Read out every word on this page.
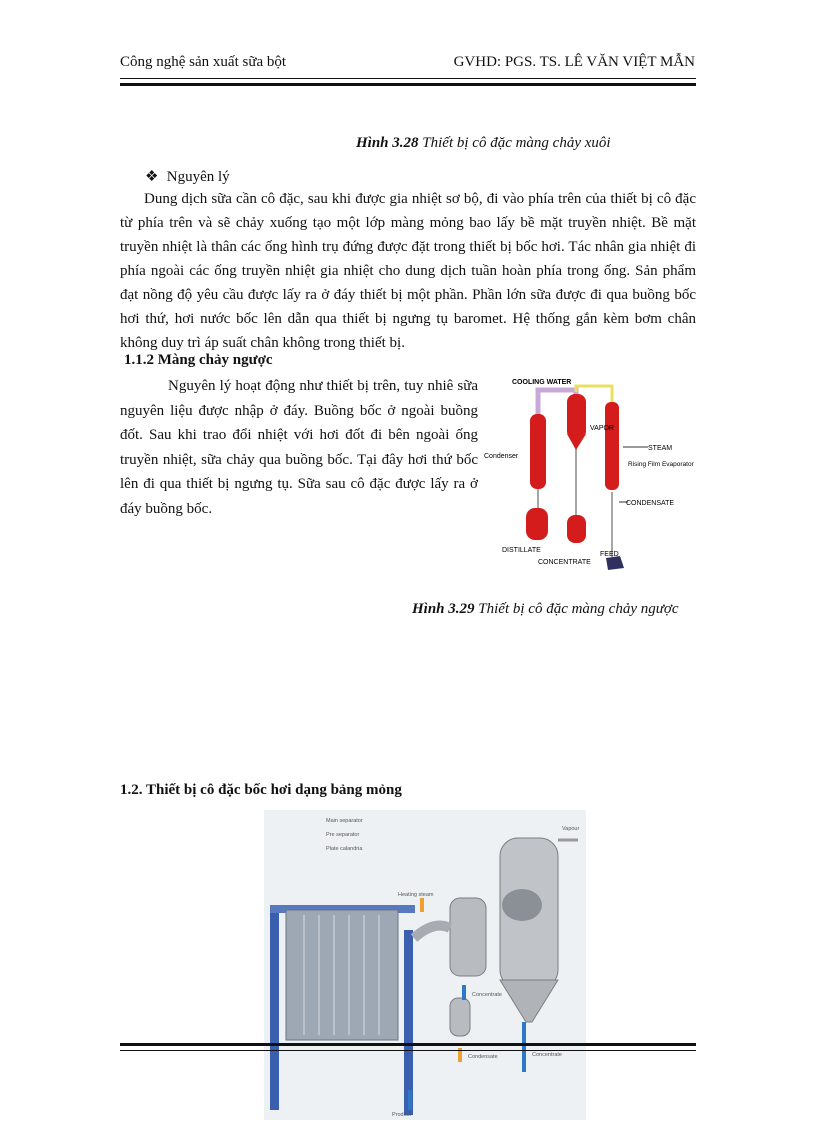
Công nghệ sản xuất sữa bột	GVHD: PGS. TS. LÊ VĂN VIỆT MẪN
Hình 3.28 Thiết bị cô đặc màng chảy xuôi
❖ Nguyên lý

Dung dịch sữa cần cô đặc, sau khi được gia nhiệt sơ bộ, đi vào phía trên của thiết bị cô đặc từ phía trên và sẽ chảy xuống tạo một lớp màng mỏng bao lấy bề mặt truyền nhiệt. Bề mặt truyền nhiệt là thân các ống hình trụ đứng được đặt trong thiết bị bốc hơi. Tác nhân gia nhiệt đi phía ngoài các ống truyền nhiệt gia nhiệt cho dung dịch tuần hoàn phía trong ống. Sản phẩm đạt nồng độ yêu cầu được lấy ra ở đáy thiết bị một phần. Phần lớn sữa được đi qua buồng bốc hơi thứ, hơi nước bốc lên dẫn qua thiết bị ngưng tụ baromet. Hệ thống gắn kèm bơm chân không duy trì áp suất chân không trong thiết bị.

1.1.2 Màng chảy ngược

Nguyên lý hoạt động như thiết bị trên, tuy nhiê sữa nguyên liệu được nhập ở đáy. Buồng bốc ở ngoài buồng đốt. Sau khi trao đổi nhiệt với hơi đốt đi bên ngoài ống truyền nhiệt, sữa chảy qua buồng bốc. Tại đây hơi thứ bốc lên đi qua thiết bị ngưng tụ. Sữa sau cô đặc được lấy ra ở đáy buồng bốc.

COOLING WATER
VAPOR
STEAM
Condenser
Rising Film Evaporator
CONDENSATE
DISTILLATE
CONCENTRATE
FEED
Hình 3.29 Thiết bị cô đặc màng chảy ngược
1.2. Thiết bị cô đặc bốc hơi dạng bảng mỏng
Main separator
Pre separator
Plate calandria
Heating steam
Vapour
Concentrate
Concentrate
Condensate
Product
